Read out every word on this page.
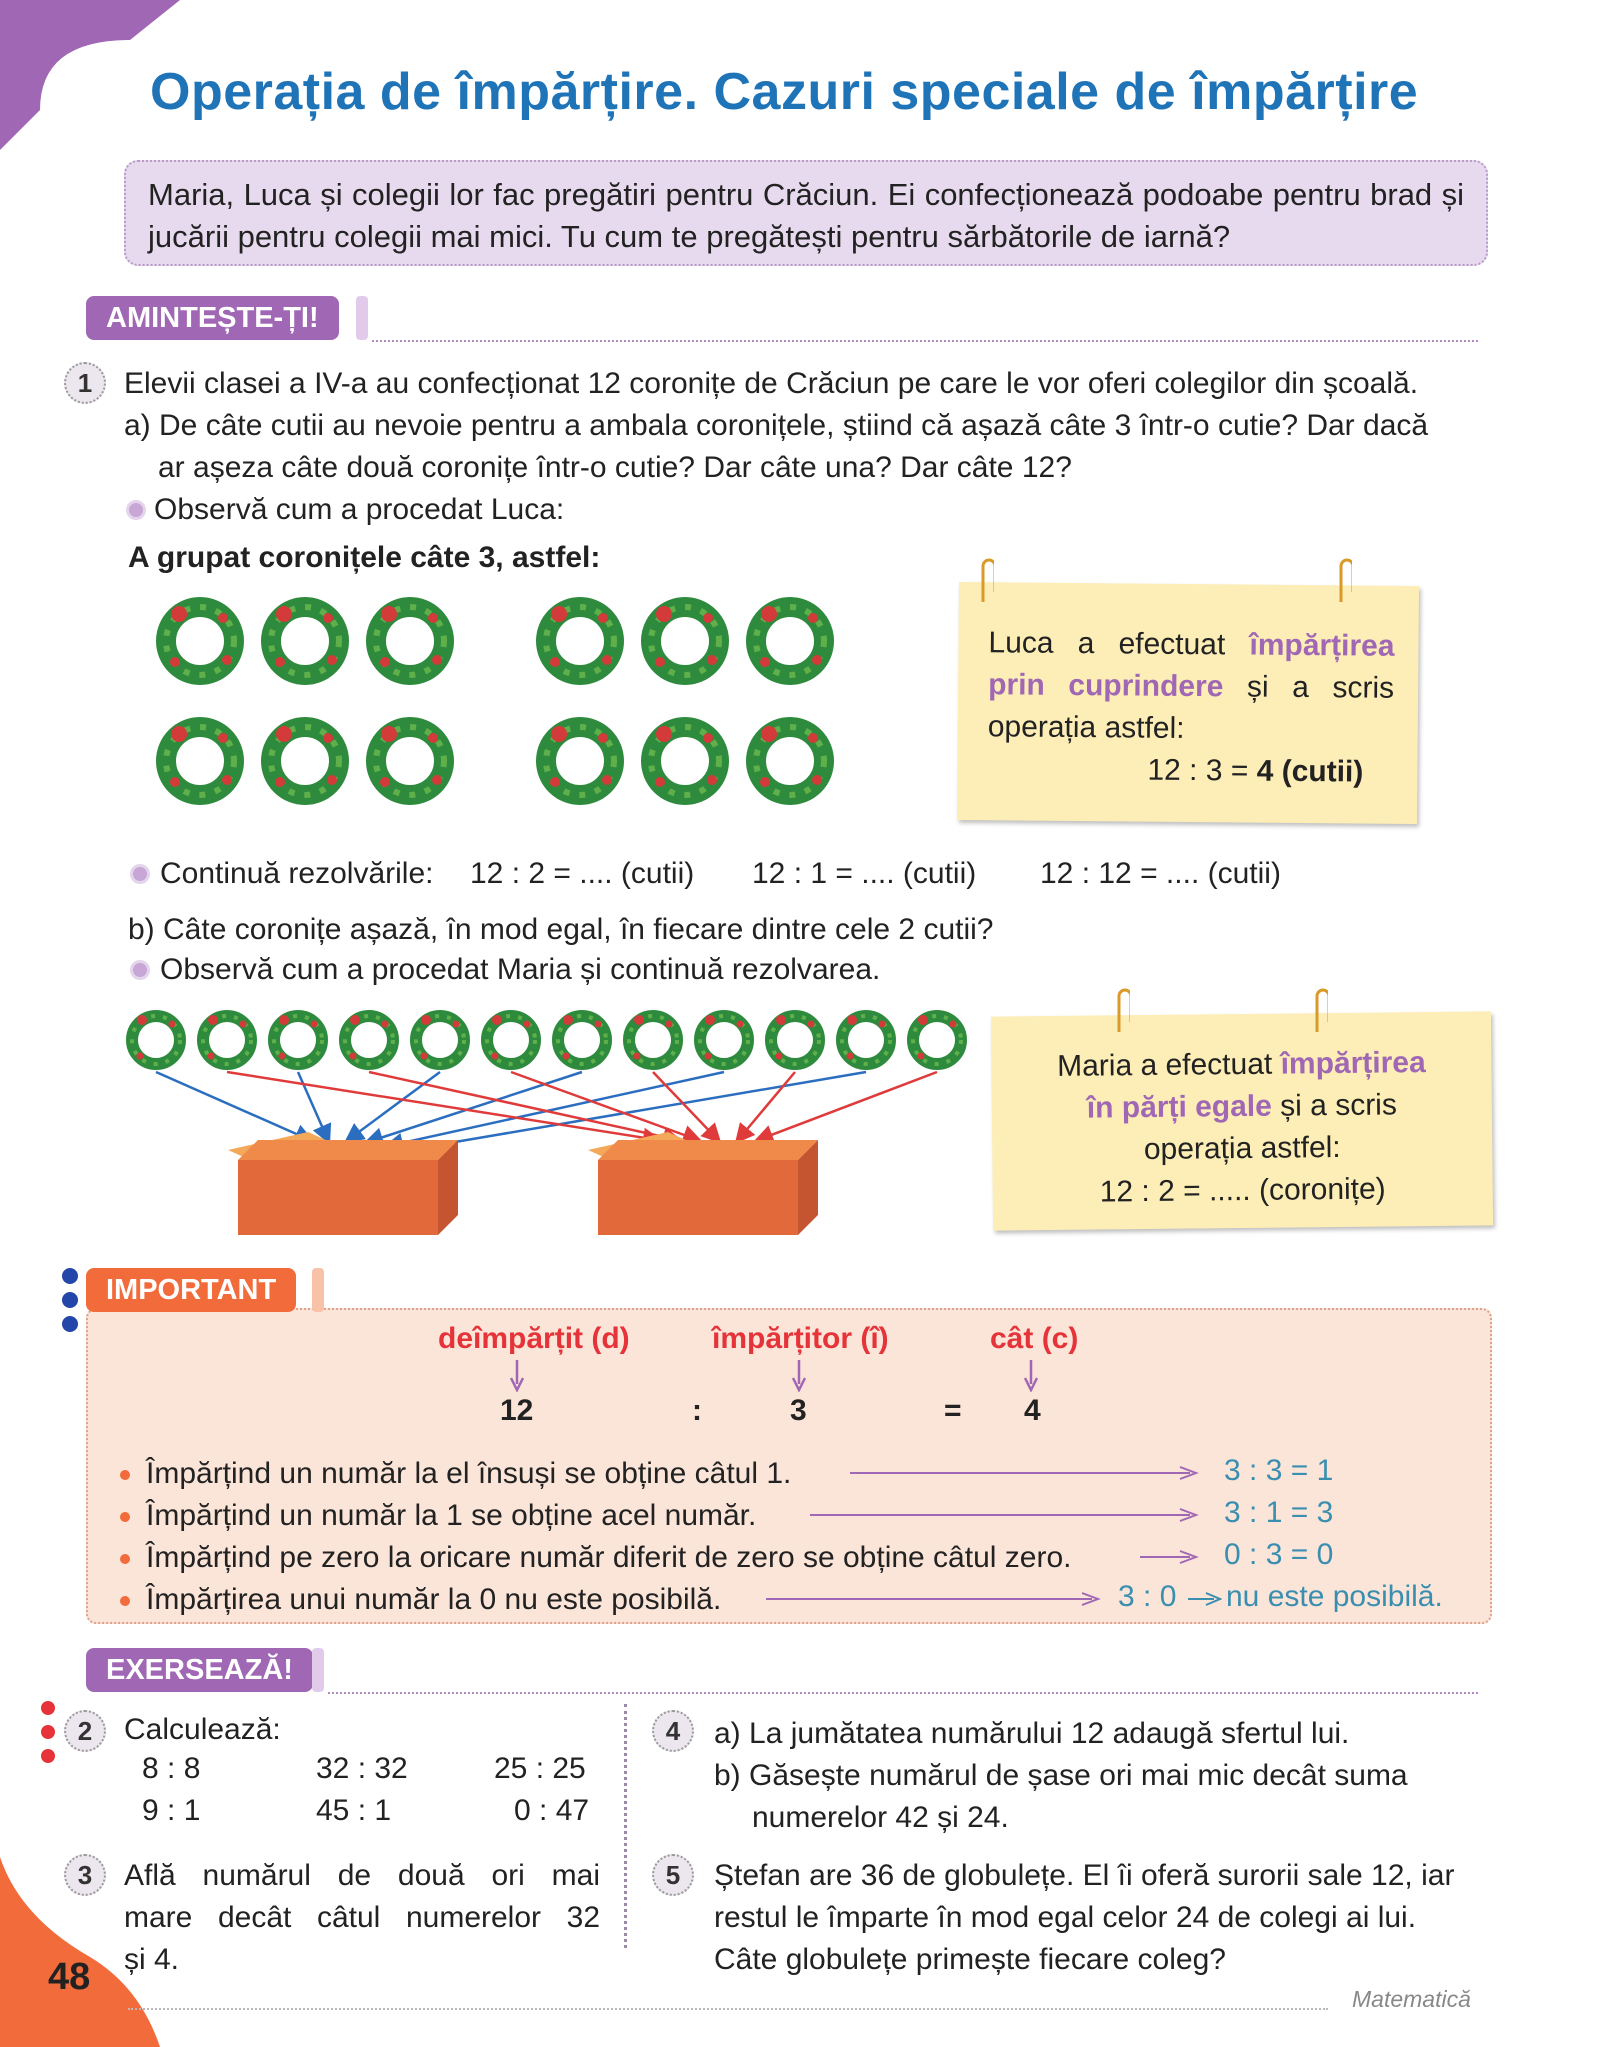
Operația de împărțire. Cazuri speciale de împărțire
Maria, Luca și colegii lor fac pregătiri pentru Crăciun. Ei confecționează podoabe pentru brad și jucării pentru colegii mai mici. Tu cum te pregătești pentru sărbătorile de iarnă?
AMINTEȘTE-ȚI!
1	Elevii clasei a IV-a au confecționat 12 coronițe de Crăciun pe care le vor oferi colegilor din școală.
a) De câte cutii au nevoie pentru a ambala coronițele, știind că așază câte 3 într-o cutie? Dar dacă
ar așeza câte două coronițe într-o cutie? Dar câte una? Dar câte 12?
Observă cum a procedat Luca:
A grupat coronițele câte 3, astfel:
Luca a efectuat împărțirea
prin cuprindere și a scris
operația astfel:
12 : 3 = 4 (cutii)
Continuă rezolvările: 12 : 2 = .... (cutii) 12 : 1 = .... (cutii) 12 : 12 = .... (cutii)
b) Câte coronițe așază, în mod egal, în fiecare dintre cele 2 cutii?
Observă cum a procedat Maria și continuă rezolvarea.
Maria a efectuat împărțirea
în părți egale și a scris
operația astfel:
12 : 2 = ..... (coronițe)
IMPORTANT
deîmpărțit (d)	împărțitor (î)	cât (c)
12	:	3	= 4
Împărțind un număr la el însuși se obține câtul 1.	3 : 3 = 1
Împărțind un număr la 1 se obține acel număr.	3 : 1 = 3
Împărțind pe zero la oricare număr diferit de zero se obține câtul zero.	0 : 3 = 0
Împărțirea unui număr la 0 nu este posibilă.	3 : 0 nu este posibilă.
EXERSEAZĂ!
2	Calculează:
8 : 8	32 : 32	25 : 25
9 : 1	45 : 1	0 : 47
3	Află numărul de două ori mai
mare decât câtul numerelor 32
și 4.
4	a) La jumătatea numărului 12 adaugă sfertul lui.
b) Găsește numărul de șase ori mai mic decât suma
numerelor 42 și 24.
5	Ștefan are 36 de globulețe. El îi oferă surorii sale 12, iar
restul le împarte în mod egal celor 24 de colegi ai lui.
Câte globulețe primește fiecare coleg?
48
Matematică
